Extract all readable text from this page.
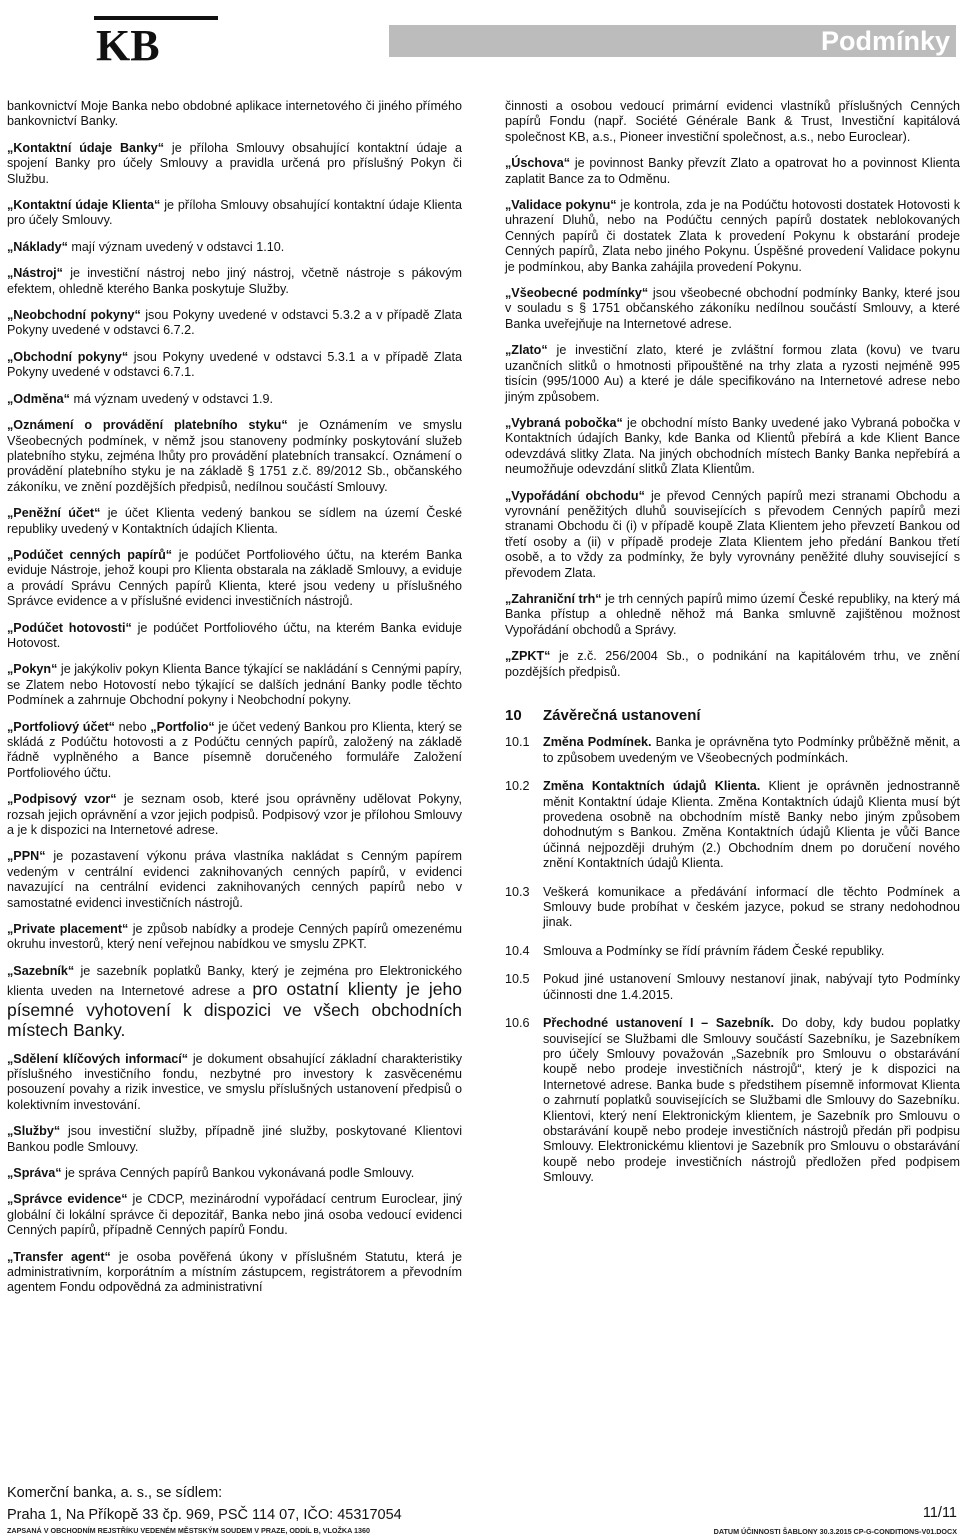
KB	Podmínky

bankovnictví Moje Banka nebo obdobné aplikace internetového či jiného přímého bankovnictví Banky.

„Kontaktní údaje Banky“ je příloha Smlouvy obsahující kontaktní údaje a spojení Banky pro účely Smlouvy a pravidla určená pro příslušný Pokyn či Službu.

„Kontaktní údaje Klienta“ je příloha Smlouvy obsahující kontaktní údaje Klienta pro účely Smlouvy.

„Náklady“ mají význam uvedený v odstavci 1.10.

„Nástroj“ je investiční nástroj nebo jiný nástroj, včetně nástroje s pákovým efektem, ohledně kterého Banka poskytuje Služby.

„Neobchodní pokyny“ jsou Pokyny uvedené v odstavci 5.3.2 a v případě Zlata Pokyny uvedené v odstavci 6.7.2.

„Obchodní pokyny“ jsou Pokyny uvedené v odstavci 5.3.1 a v případě Zlata Pokyny uvedené v odstavci 6.7.1.

„Odměna“ má význam uvedený v odstavci 1.9.

„Oznámení o provádění platebního styku“ je Oznámením ve smyslu Všeobecných podmínek, v němž jsou stanoveny podmínky poskytování služeb platebního styku, zejména lhůty pro provádění platebních transakcí. Oznámení o provádění platebního styku je na základě § 1751 z.č. 89/2012 Sb., občanského zákoníku, ve znění pozdějších předpisů, nedílnou součástí Smlouvy.

„Peněžní účet“ je účet Klienta vedený bankou se sídlem na území České republiky uvedený v Kontaktních údajích Klienta.

„Podúčet cenných papírů“ je podúčet Portfoliového účtu, na kterém Banka eviduje Nástroje, jehož koupi pro Klienta obstarala na základě Smlouvy, a eviduje a provádí Správu Cenných papírů Klienta, které jsou vedeny u příslušného Správce evidence a v příslušné evidenci investičních nástrojů.

„Podúčet hotovosti“ je podúčet Portfoliového účtu, na kterém Banka eviduje Hotovost.

„Pokyn“ je jakýkoliv pokyn Klienta Bance týkající se nakládání s Cennými papíry, se Zlatem nebo Hotovostí nebo týkající se dalších jednání Banky podle těchto Podmínek a zahrnuje Obchodní pokyny i Neobchodní pokyny.

„Portfoliový účet“ nebo „Portfolio“ je účet vedený Bankou pro Klienta, který se skládá z Podúčtu hotovosti a z Podúčtu cenných papírů, založený na základě řádně vyplněného a Bance písemně doručeného formuláře Založení Portfoliového účtu.

„Podpisový vzor“ je seznam osob, které jsou oprávněny udělovat Pokyny, rozsah jejich oprávnění a vzor jejich podpisů. Podpisový vzor je přílohou Smlouvy a je k dispozici na Internetové adrese.

„PPN“ je pozastavení výkonu práva vlastníka nakládat s Cenným papírem vedeným v centrální evidenci zaknihovaných cenných papírů, v evidenci navazující na centrální evidenci zaknihovaných cenných papírů nebo v samostatné evidenci investičních nástrojů.

„Private placement“ je způsob nabídky a prodeje Cenných papírů omezenému okruhu investorů, který není veřejnou nabídkou ve smyslu ZPKT.

„Sazebník“ je sazebník poplatků Banky, který je zejména pro Elektronického klienta uveden na Internetové adrese a pro ostatní klienty je jeho písemné vyhotovení k dispozici ve všech obchodních místech Banky.

„Sdělení klíčových informací“ je dokument obsahující základní charakteristiky příslušného investičního fondu, nezbytné pro investory k zasvěcenému posouzení povahy a rizik investice, ve smyslu příslušných ustanovení předpisů o kolektivním investování.

„Služby“ jsou investiční služby, případně jiné služby, poskytované Klientovi Bankou podle Smlouvy.

„Správa“ je správa Cenných papírů Bankou vykonávaná podle Smlouvy.

„Správce evidence“ je CDCP, mezinárodní vypořádací centrum Euroclear, jiný globální či lokální správce či depozitář, Banka nebo jiná osoba vedoucí evidenci Cenných papírů, případně Cenných papírů Fondu.

„Transfer agent“ je osoba pověřená úkony v příslušném Statutu, která je administrativním, korporátním a místním zástupcem, registrátorem a převodním agentem Fondu odpovědná za administrativní

činnosti a osobou vedoucí primární evidenci vlastníků příslušných Cenných papírů Fondu (např. Société Générale Bank & Trust, Investiční kapitálová společnost KB, a.s., Pioneer investiční společnost, a.s., nebo Euroclear).

„Úschova“ je povinnost Banky převzít Zlato a opatrovat ho a povinnost Klienta zaplatit Bance za to Odměnu.

„Validace pokynu“ je kontrola, zda je na Podúčtu hotovosti dostatek Hotovosti k uhrazení Dluhů, nebo na Podúčtu cenných papírů dostatek neblokovaných Cenných papírů či dostatek Zlata k provedení Pokynu k obstarání prodeje Cenných papírů, Zlata nebo jiného Pokynu. Úspěšné provedení Validace pokynu je podmínkou, aby Banka zahájila provedení Pokynu.

„Všeobecné podmínky“ jsou všeobecné obchodní podmínky Banky, které jsou v souladu s § 1751 občanského zákoníku nedílnou součástí Smlouvy, a které Banka uveřejňuje na Internetové adrese.

„Zlato“ je investiční zlato, které je zvláštní formou zlata (kovu) ve tvaru uzančních slitků o hmotnosti připouštěné na trhy zlata a ryzosti nejméně 995 tisícin (995/1000 Au) a které je dále specifikováno na Internetové adrese nebo jiným způsobem.

„Vybraná pobočka“ je obchodní místo Banky uvedené jako Vybraná pobočka v Kontaktních údajích Banky, kde Banka od Klientů přebírá a kde Klient Bance odevzdává slitky Zlata. Na jiných obchodních místech Banky Banka nepřebírá a neumožňuje odevzdání slitků Zlata Klientům.

„Vypořádání obchodu“ je převod Cenných papírů mezi stranami Obchodu a vyrovnání peněžitých dluhů souvisejících s převodem Cenných papírů mezi stranami Obchodu či (i) v případě koupě Zlata Klientem jeho převzetí Bankou od třetí osoby a (ii) v případě prodeje Zlata Klientem jeho předání Bankou třetí osobě, a to vždy za podmínky, že byly vyrovnány peněžité dluhy související s převodem Zlata.

„Zahraniční trh“ je trh cenných papírů mimo území České republiky, na který má Banka přístup a ohledně něhož má Banka smluvně zajištěnou možnost Vypořádání obchodů a Správy.

„ZPKT“ je z.č. 256/2004 Sb., o podnikání na kapitálovém trhu, ve znění pozdějších předpisů.

10	Závěrečná ustanovení
10.1	Změna Podmínek. Banka je oprávněna tyto Podmínky průběžně měnit, a to způsobem uvedeným ve Všeobecných podmínkách.
10.2	Změna Kontaktních údajů Klienta. Klient je oprávněn jednostranně měnit Kontaktní údaje Klienta. Změna Kontaktních údajů Klienta musí být provedena osobně na obchodním místě Banky nebo jiným způsobem dohodnutým s Bankou. Změna Kontaktních údajů Klienta je vůči Bance účinná nejpozději druhým (2.) Obchodním dnem po doručení nového znění Kontaktních údajů Klienta.
10.3	Veškerá komunikace a předávání informací dle těchto Podmínek a Smlouvy bude probíhat v českém jazyce, pokud se strany nedohodnou jinak.
10.4	Smlouva a Podmínky se řídí právním řádem České republiky.
10.5	Pokud jiné ustanovení Smlouvy nestanoví jinak, nabývají tyto Podmínky účinnosti dne 1.4.2015.
10.6	Přechodné ustanovení I – Sazebník. Do doby, kdy budou poplatky související se Službami dle Smlouvy součástí Sazebníku, je Sazebníkem pro účely Smlouvy považován „Sazebník pro Smlouvu o obstarávání koupě nebo prodeje investičních nástrojů“, který je k dispozici na Internetové adrese. Banka bude s předstihem písemně informovat Klienta o zahrnutí poplatků souvisejících se Službami dle Smlouvy do Sazebníku. Klientovi, který není Elektronickým klientem, je Sazebník pro Smlouvu o obstarávání koupě nebo prodeje investičních nástrojů předán při podpisu Smlouvy. Elektronickému klientovi je Sazebník pro Smlouvu o obstarávání koupě nebo prodeje investičních nástrojů předložen před podpisem Smlouvy.
Komerční banka, a. s., se sídlem:
Praha 1, Na Příkopě 33 čp. 969, PSČ 114 07, IČO: 45317054	11/11
ZAPSANÁ V OBCHODNÍM REJSTŘÍKU VEDENÉM MĚSTSKÝM SOUDEM V PRAZE, ODDÍL B, VLOŽKA 1360	DATUM ÚČINNOSTI ŠABLONY 30.3.2015 CP-G-CONDITIONS-V01.DOCX
